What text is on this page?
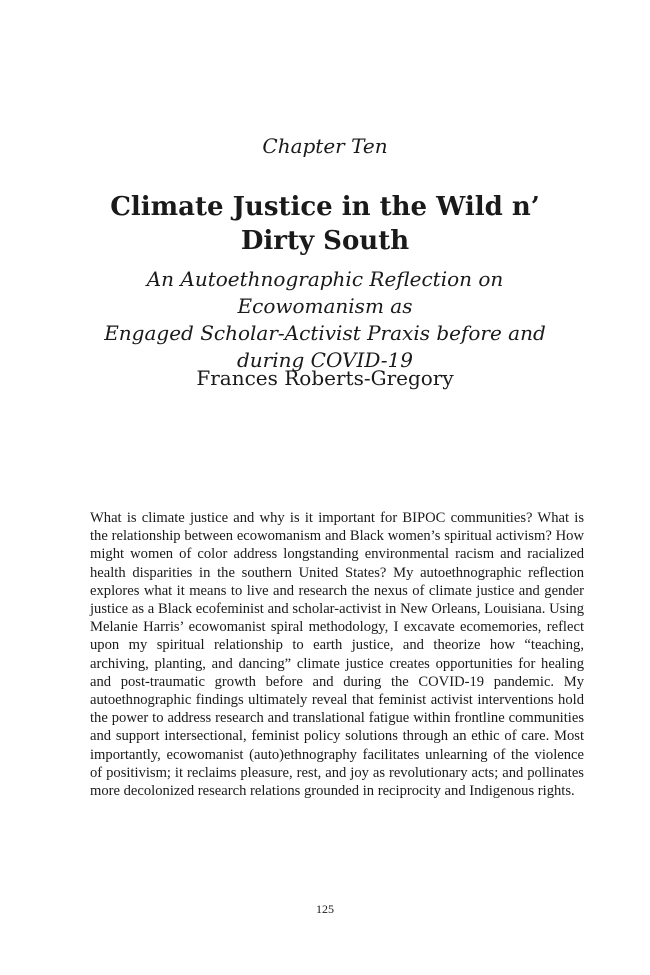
Chapter Ten
Climate Justice in the Wild n’
Dirty South
An Autoethnographic Reflection on Ecowomanism as
Engaged Scholar-Activist Praxis before and
during COVID-19
Frances Roberts-Gregory

What is climate justice and why is it important for BIPOC communities? What is the relationship between ecowomanism and Black women’s spiritual activism? How might women of color address longstanding environmental racism and racialized health disparities in the southern United States? My autoethnographic reflection explores what it means to live and research the nexus of climate justice and gender justice as a Black ecofeminist and scholar-activist in New Orleans, Louisiana. Using Melanie Harris’ ecowomanist spiral methodology, I excavate ecomemories, reflect upon my spiritual relationship to earth justice, and theorize how “teaching, archiving, planting, and dancing” climate justice creates opportunities for healing and post-traumatic growth before and during the COVID-19 pandemic. My autoethnographic findings ultimately reveal that feminist activist interventions hold the power to address research and translational fatigue within frontline communities and support intersectional, feminist policy solutions through an ethic of care. Most importantly, ecowomanist (auto)ethnography facilitates unlearning of the violence of positivism; it reclaims pleasure, rest, and joy as revolutionary acts; and pollinates more decolonized research relations grounded in reciprocity and Indigenous rights.

125
